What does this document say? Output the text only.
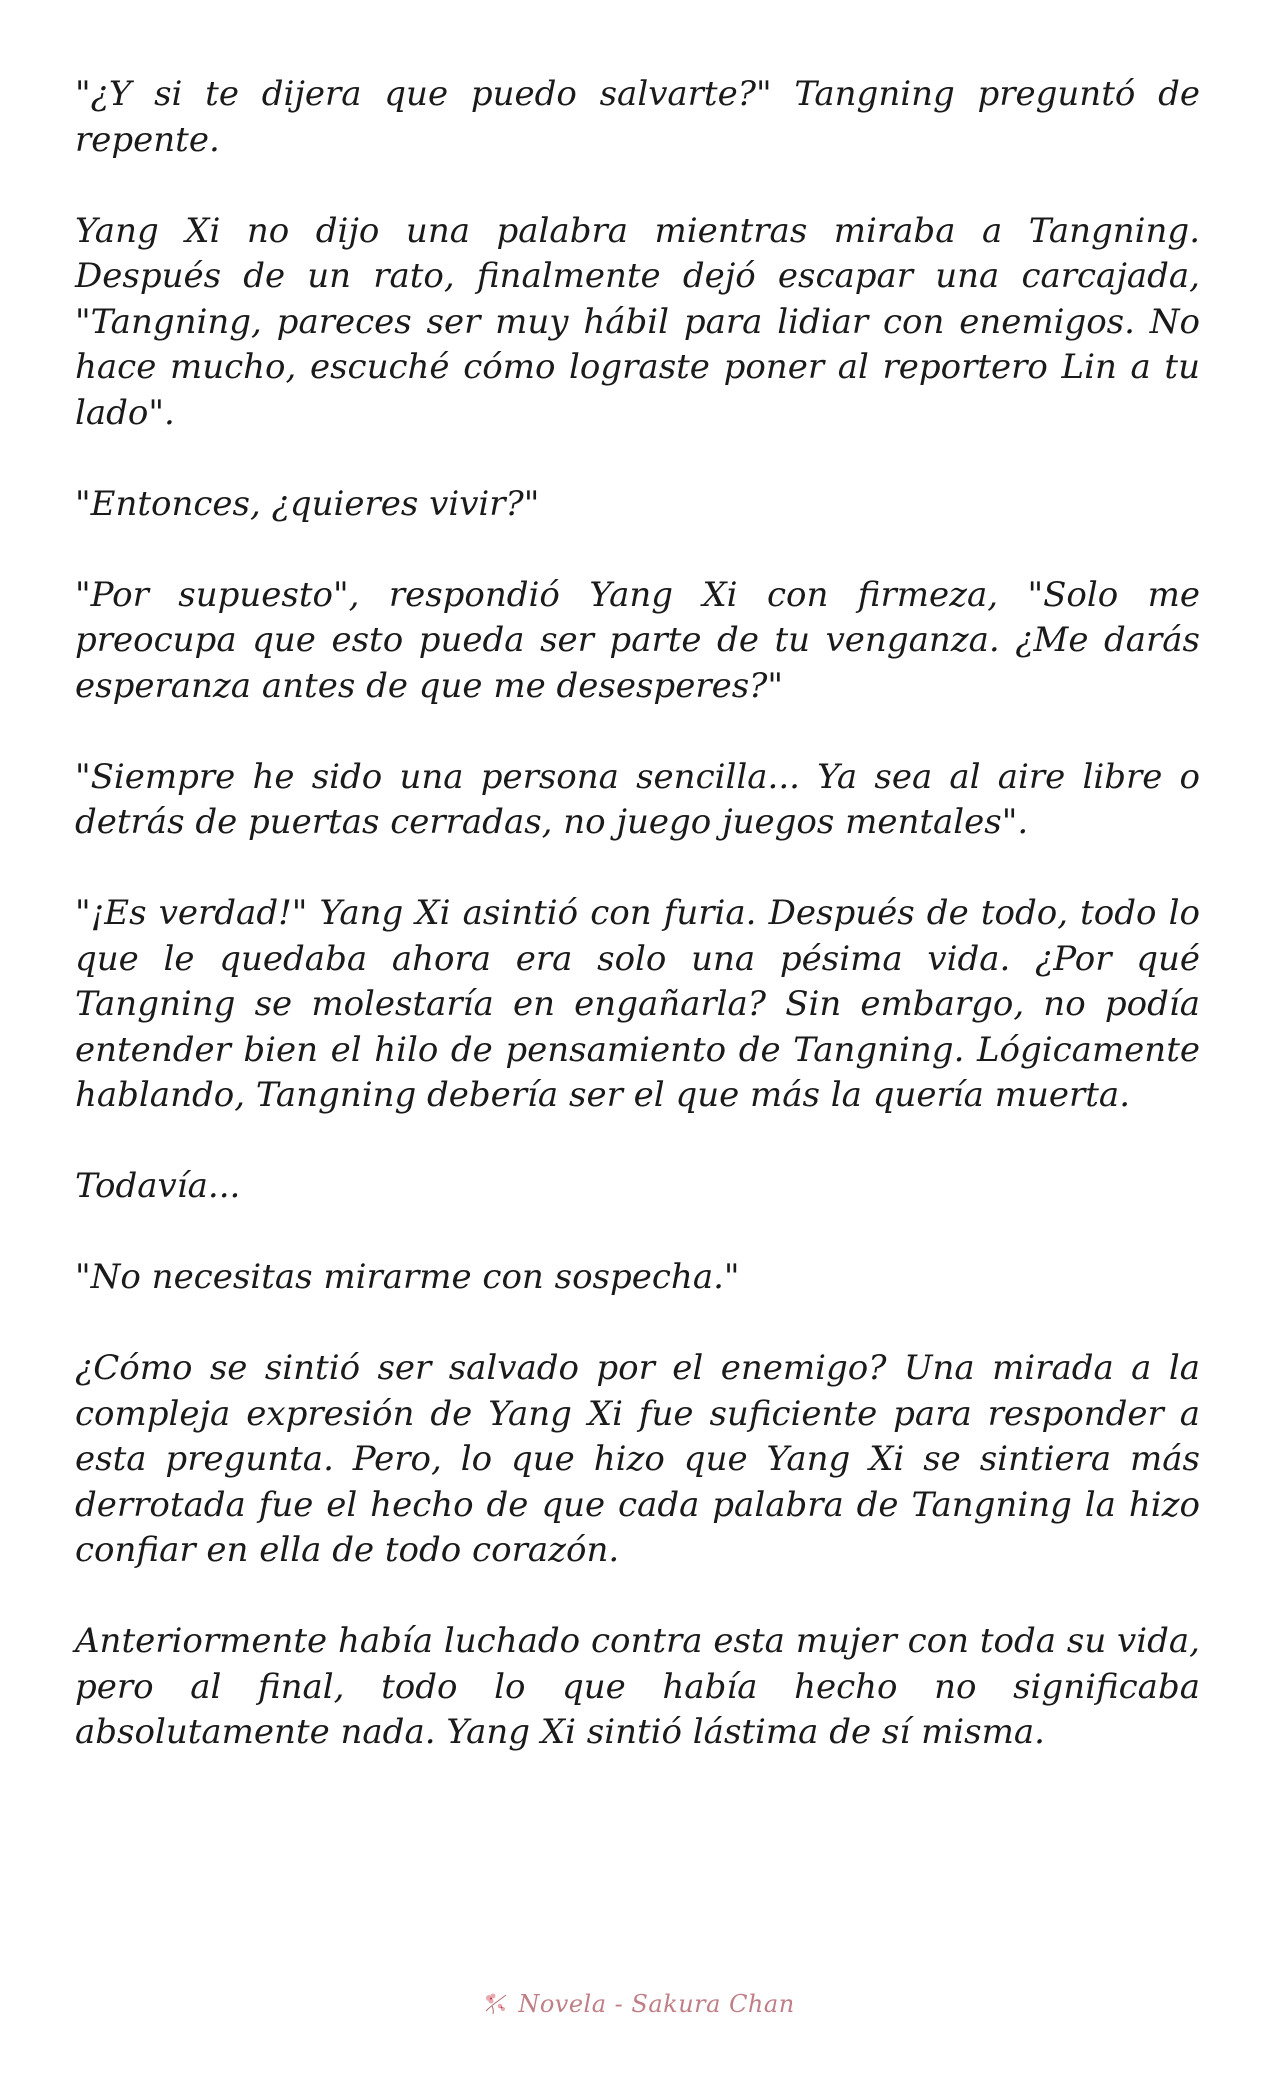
"¿Y si te dijera que puedo salvarte?" Tangning preguntó de repente.

Yang Xi no dijo una palabra mientras miraba a Tangning. Después de un rato, finalmente dejó escapar una carcajada, "Tangning, pareces ser muy hábil para lidiar con enemigos. No hace mucho, escuché cómo lograste poner al reportero Lin a tu lado".

"Entonces, ¿quieres vivir?"

"Por supuesto", respondió Yang Xi con firmeza, "Solo me preocupa que esto pueda ser parte de tu venganza. ¿Me darás esperanza antes de que me desesperes?"

"Siempre he sido una persona sencilla... Ya sea al aire libre o detrás de puertas cerradas, no juego juegos mentales".

"¡Es verdad!" Yang Xi asintió con furia. Después de todo, todo lo que le quedaba ahora era solo una pésima vida. ¿Por qué Tangning se molestaría en engañarla? Sin embargo, no podía entender bien el hilo de pensamiento de Tangning. Lógicamente hablando, Tangning debería ser el que más la quería muerta.

Todavía...

"No necesitas mirarme con sospecha."

¿Cómo se sintió ser salvado por el enemigo? Una mirada a la compleja expresión de Yang Xi fue suficiente para responder a esta pregunta. Pero, lo que hizo que Yang Xi se sintiera más derrotada fue el hecho de que cada palabra de Tangning la hizo confiar en ella de todo corazón.

Anteriormente había luchado contra esta mujer con toda su vida, pero al final, todo lo que había hecho no significaba absolutamente nada. Yang Xi sintió lástima de sí misma.

Novela - Sakura Chan
